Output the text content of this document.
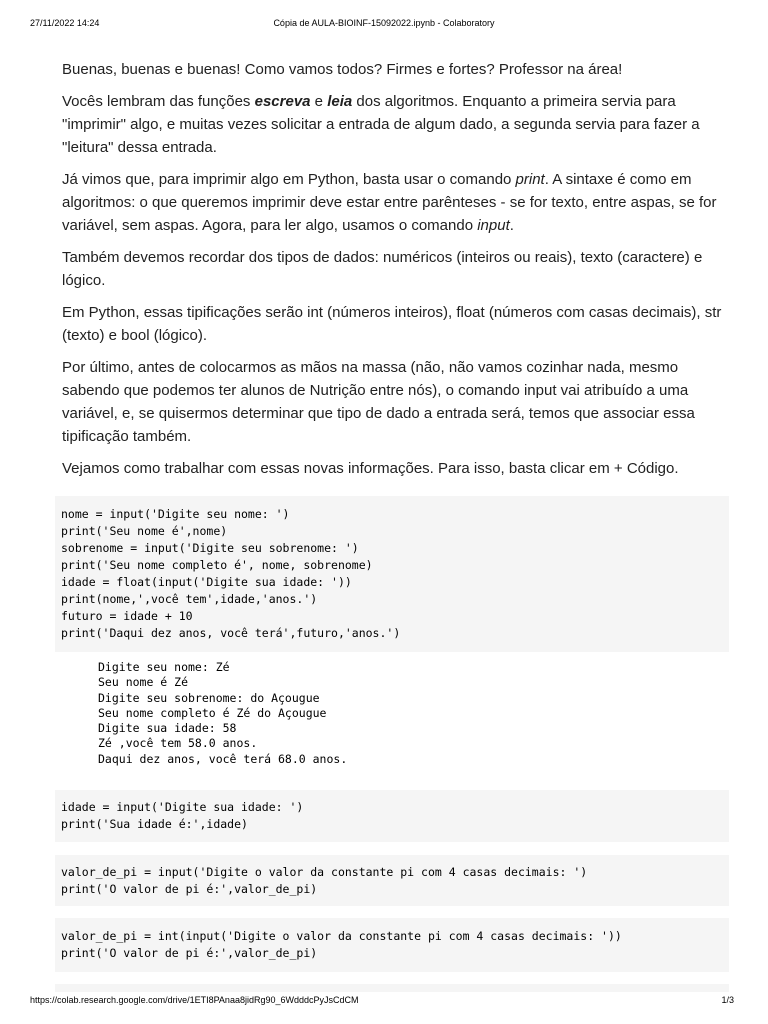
27/11/2022 14:24	Cópia de AULA-BIOINF-15092022.ipynb - Colaboratory

Buenas, buenas e buenas! Como vamos todos? Firmes e fortes? Professor na área!

Vocês lembram das funções escreva e leia dos algoritmos. Enquanto a primeira servia para "imprimir" algo, e muitas vezes solicitar a entrada de algum dado, a segunda servia para fazer a "leitura" dessa entrada.

Já vimos que, para imprimir algo em Python, basta usar o comando print. A sintaxe é como em algoritmos: o que queremos imprimir deve estar entre parênteses - se for texto, entre aspas, se for variável, sem aspas. Agora, para ler algo, usamos o comando input.

Também devemos recordar dos tipos de dados: numéricos (inteiros ou reais), texto (caractere) e lógico.

Em Python, essas tipificações serão int (números inteiros), float (números com casas decimais), str (texto) e bool (lógico).

Por último, antes de colocarmos as mãos na massa (não, não vamos cozinhar nada, mesmo sabendo que podemos ter alunos de Nutrição entre nós), o comando input vai atribuído a uma variável, e, se quisermos determinar que tipo de dado a entrada será, temos que associar essa tipificação também.

Vejamos como trabalhar com essas novas informações. Para isso, basta clicar em + Código.

nome = input('Digite seu nome: ')
print('Seu nome é',nome)
sobrenome = input('Digite seu sobrenome: ')
print('Seu nome completo é', nome, sobrenome)
idade = float(input('Digite sua idade: '))
print(nome,',você tem',idade,'anos.')
futuro = idade + 10
print('Daqui dez anos, você terá',futuro,'anos.')
Digite seu nome: Zé
Seu nome é Zé
Digite seu sobrenome: do Açougue
Seu nome completo é Zé do Açougue
Digite sua idade: 58
Zé ,você tem 58.0 anos.
Daqui dez anos, você terá 68.0 anos.
idade = input('Digite sua idade: ')
print('Sua idade é:',idade)
valor_de_pi = input('Digite o valor da constante pi com 4 casas decimais: ')
print('O valor de pi é:',valor_de_pi)
valor_de_pi = int(input('Digite o valor da constante pi com 4 casas decimais: '))
print('O valor de pi é:',valor_de_pi)
https://colab.research.google.com/drive/1ETI8PAnaa8jidRg90_6WdddcPyJsCdCM	1/3
